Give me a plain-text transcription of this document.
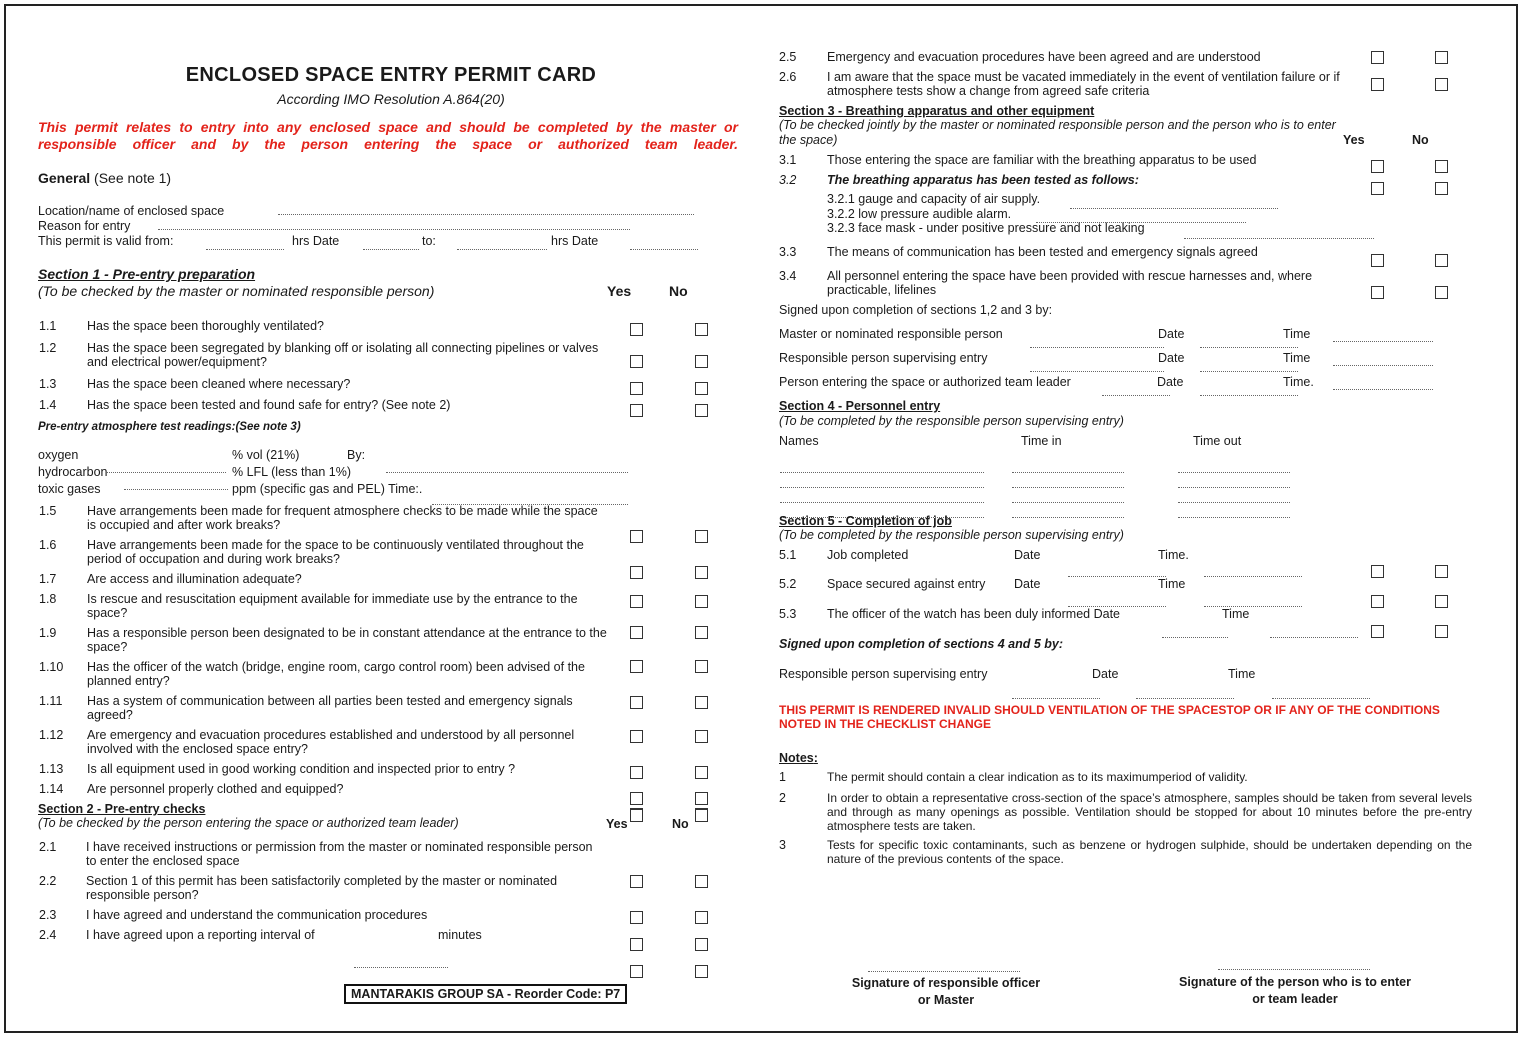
ENCLOSED SPACE ENTRY PERMIT CARD
According IMO Resolution A.864(20)
This permit relates to entry into any enclosed space and should be completed by the master or responsible officer and by the person entering the space or authorized team leader.
General (See note 1)
Location/name of enclosed space
Reason for entry
This permit is valid from:	hrs Date	to:	hrs Date
Section 1 - Pre-entry preparation
(To be checked by the master or nominated responsible person)	Yes	No
1.1 Has the space been thoroughly ventilated?
1.2 Has the space been segregated by blanking off or isolating all connecting pipelines or valves and electrical power/equipment?
1.3 Has the space been cleaned where necessary?
1.4 Has the space been tested and found safe for entry? (See note 2)
Pre-entry atmosphere test readings:(See note 3)
oxygen	% vol (21%)	By:
hydrocarbon	% LFL (less than 1%)
toxic gases	ppm (specific gas and PEL) Time:.
1.5 Have arrangements been made for frequent atmosphere checks to be made while the space is occupied and after work breaks?
1.6 Have arrangements been made for the space to be continuously ventilated throughout the period of occupation and during work breaks?
1.7 Are access and illumination adequate?
1.8 Is rescue and resuscitation equipment available for immediate use by the entrance to the space?
1.9 Has a responsible person been designated to be in constant attendance at the entrance to the space?
1.10 Has the officer of the watch (bridge, engine room, cargo control room) been advised of the planned entry?
1.11 Has a system of communication between all parties been tested and emergency signals agreed?
1.12 Are emergency and evacuation procedures established and understood by all personnel involved with the enclosed space entry?
1.13 Is all equipment used in good working condition and inspected prior to entry ?
1.14 Are personnel properly clothed and equipped?
Section 2 - Pre-entry checks
(To be checked by the person entering the space or authorized team leader)	Yes	No
2.1 I have received instructions or permission from the master or nominated responsible person to enter the enclosed space
2.2 Section 1 of this permit has been satisfactorily completed by the master or nominated responsible person?
2.3 I have agreed and understand the communication procedures
2.4 I have agreed upon a reporting interval of	minutes
MANTARAKIS GROUP SA - Reorder Code: P7
2.5 Emergency and evacuation procedures have been agreed and are understood
2.6 I am aware that the space must be vacated immediately in the event of ventilation failure or if atmosphere tests show a change from agreed safe criteria
Section 3 - Breathing apparatus and other equipment
(To be checked jointly by the master or nominated responsible person and the person who is to enter the space)	Yes	No
3.1 Those entering the space are familiar with the breathing apparatus to be used
3.2 The breathing apparatus has been tested as follows:
3.3 The means of communication has been tested and emergency signals agreed
3.4 All personnel entering the space have been provided with rescue harnesses and, where practicable, lifelines
3.2.1 gauge and capacity of air supply.
3.2.2 low pressure audible alarm.
3.2.3 face mask - under positive pressure and not leaking
Signed upon completion of sections 1,2 and 3 by:
Master or nominated responsible person	Date	Time
Responsible person supervising entry	Date	Time
Person entering the space or authorized team leader	Date	Time.
Section 4 - Personnel entry
(To be completed by the responsible person supervising entry)
Names	Time in	Time out
Section 5 - Completion of job
(To be completed by the responsible person supervising entry)
5.1 Job completed	Date	Time.
5.2 Space secured against entry	Date	Time
5.3 The officer of the watch has been duly informed Date	Time
Signed upon completion of sections 4 and 5 by:
Responsible person supervising entry	Date	Time
THIS PERMIT IS RENDERED INVALID SHOULD VENTILATION OF THE SPACESTOP OR IF ANY OF THE CONDITIONS NOTED IN THE CHECKLIST CHANGE
Notes:
1	The permit should contain a clear indication as to its maximumperiod of validity.
2	In order to obtain a representative cross-section of the space’s atmosphere, samples should be taken from several levels and through as many openings as possible. Ventilation should be stopped for about 10 minutes before the pre-entry atmosphere tests are taken.
3	Tests for specific toxic contaminants, such as benzene or hydrogen sulphide, should be undertaken depending on the nature of the previous contents of the space.
Signature of responsible officer
or Master
Signature of the person who is to enter
or team leader
